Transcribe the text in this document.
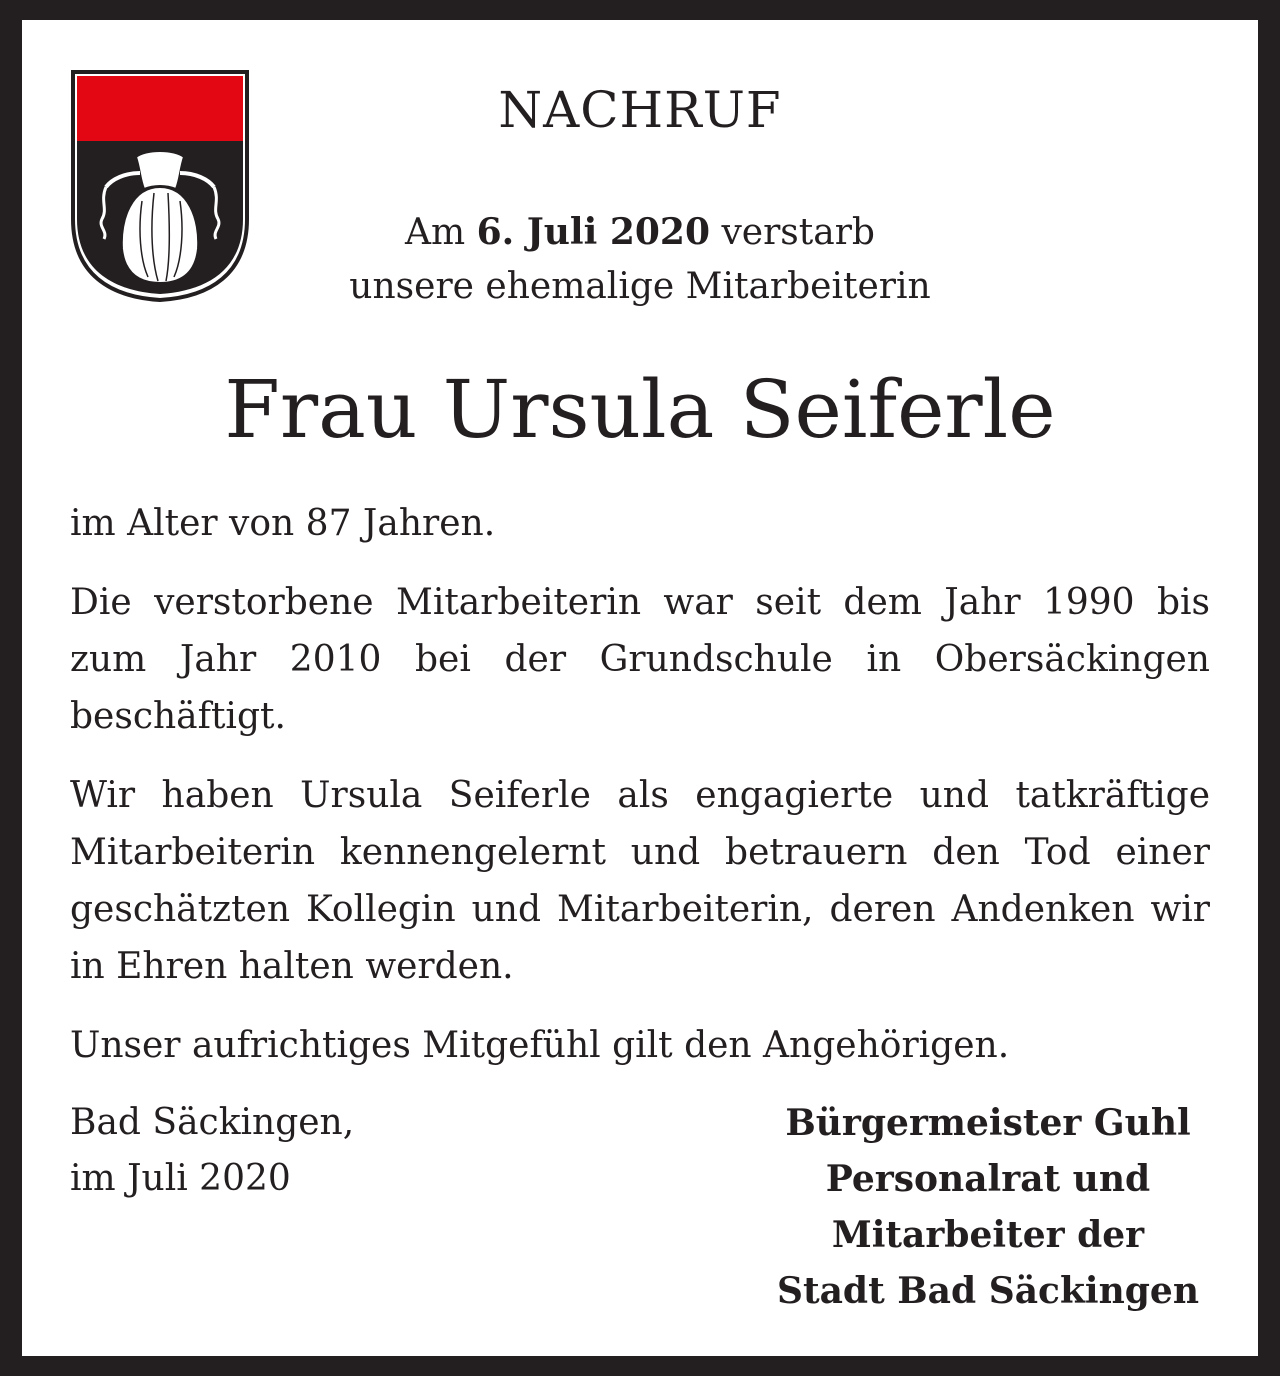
NACHRUF
Am 6. Juli 2020 verstarb
unsere ehemalige Mitarbeiterin
Frau Ursula Seiferle

im Alter von 87 Jahren.

Die verstorbene Mitarbeiterin war seit dem Jahr 1990 bis zum Jahr 2010 bei der Grundschule in Obersäckingen beschäftigt.

Wir haben Ursula Seiferle als engagierte und tatkräftige Mitarbeiterin kennengelernt und betrauern den Tod einer geschätzten Kollegin und Mitarbeiterin, deren Andenken wir in Ehren halten werden.

Unser aufrichtiges Mitgefühl gilt den Angehörigen.

Bad Säckingen,
im Juli 2020
Bürgermeister Guhl
Personalrat und
Mitarbeiter der
Stadt Bad Säckingen
